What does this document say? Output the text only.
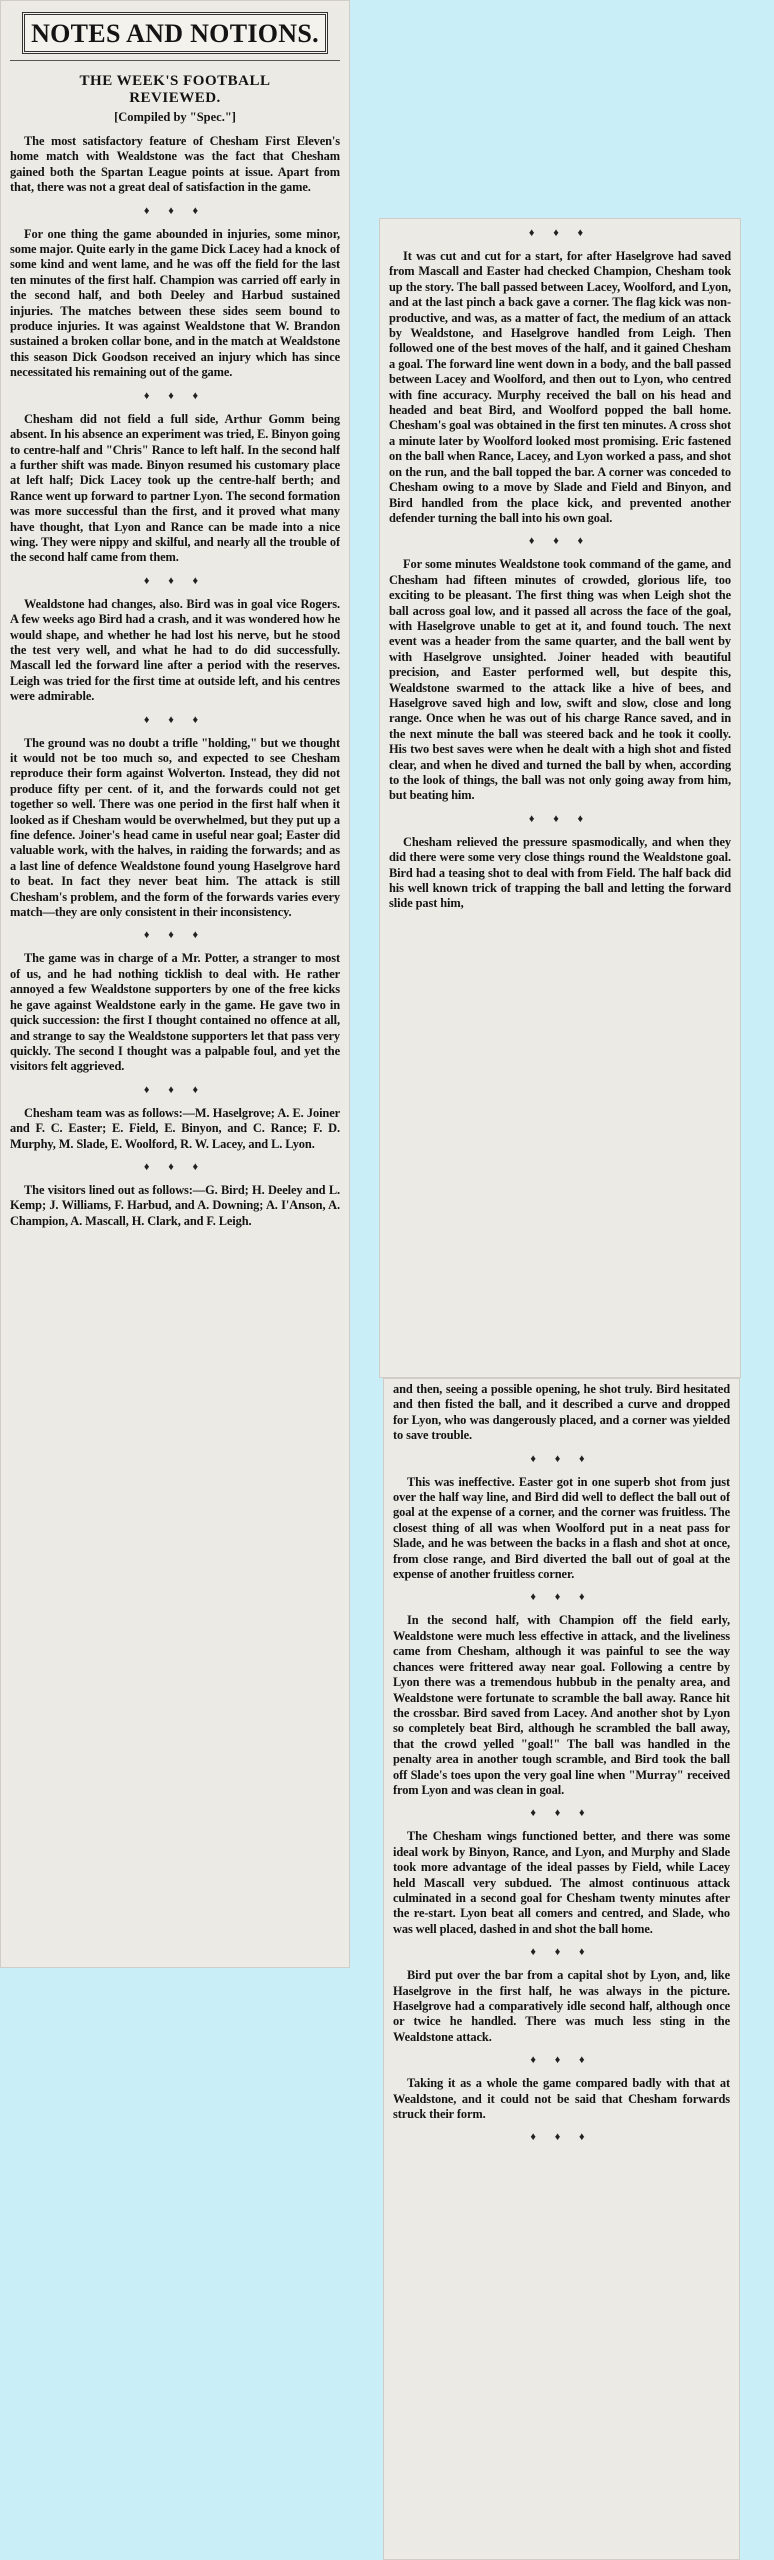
NOTES AND NOTIONS.
THE WEEK'S FOOTBALL
REVIEWED.
[Compiled by "Spec."]

The most satisfactory feature of Chesham First Eleven's home match with Wealdstone was the fact that Chesham gained both the Spartan League points at issue. Apart from that, there was not a great deal of satisfaction in the game.

♦ ♦ ♦

For one thing the game abounded in injuries, some minor, some major. Quite early in the game Dick Lacey had a knock of some kind and went lame, and he was off the field for the last ten minutes of the first half. Champion was carried off early in the second half, and both Deeley and Harbud sustained injuries. The matches between these sides seem bound to produce injuries. It was against Wealdstone that W. Brandon sustained a broken collar bone, and in the match at Wealdstone this season Dick Goodson received an injury which has since necessitated his remaining out of the game.

♦ ♦ ♦

Chesham did not field a full side, Arthur Gomm being absent. In his absence an experiment was tried, E. Binyon going to centre-half and "Chris" Rance to left half. In the second half a further shift was made. Binyon resumed his customary place at left half; Dick Lacey took up the centre-half berth; and Rance went up forward to partner Lyon. The second formation was more successful than the first, and it proved what many have thought, that Lyon and Rance can be made into a nice wing. They were nippy and skilful, and nearly all the trouble of the second half came from them.

♦ ♦ ♦

Wealdstone had changes, also. Bird was in goal vice Rogers. A few weeks ago Bird had a crash, and it was wondered how he would shape, and whether he had lost his nerve, but he stood the test very well, and what he had to do did successfully. Mascall led the forward line after a period with the reserves. Leigh was tried for the first time at outside left, and his centres were admirable.

♦ ♦ ♦

The ground was no doubt a trifle "holding," but we thought it would not be too much so, and expected to see Chesham reproduce their form against Wolverton. Instead, they did not produce fifty per cent. of it, and the forwards could not get together so well. There was one period in the first half when it looked as if Chesham would be overwhelmed, but they put up a fine defence. Joiner's head came in useful near goal; Easter did valuable work, with the halves, in raiding the forwards; and as a last line of defence Wealdstone found young Haselgrove hard to beat. In fact they never beat him. The attack is still Chesham's problem, and the form of the forwards varies every match—they are only consistent in their inconsistency.

♦ ♦ ♦

The game was in charge of a Mr. Potter, a stranger to most of us, and he had nothing ticklish to deal with. He rather annoyed a few Wealdstone supporters by one of the free kicks he gave against Wealdstone early in the game. He gave two in quick succession: the first I thought contained no offence at all, and strange to say the Wealdstone supporters let that pass very quickly. The second I thought was a palpable foul, and yet the visitors felt aggrieved.

♦ ♦ ♦

Chesham team was as follows:—M. Haselgrove; A. E. Joiner and F. C. Easter; E. Field, E. Binyon, and C. Rance; F. D. Murphy, M. Slade, E. Woolford, R. W. Lacey, and L. Lyon.

♦ ♦ ♦

The visitors lined out as follows:—G. Bird; H. Deeley and L. Kemp; J. Williams, F. Harbud, and A. Downing; A. I'Anson, A. Champion, A. Mascall, H. Clark, and F. Leigh.

♦ ♦ ♦

It was cut and cut for a start, for after Haselgrove had saved from Mascall and Easter had checked Champion, Chesham took up the story. The ball passed between Lacey, Woolford, and Lyon, and at the last pinch a back gave a corner. The flag kick was non-productive, and was, as a matter of fact, the medium of an attack by Wealdstone, and Haselgrove handled from Leigh. Then followed one of the best moves of the half, and it gained Chesham a goal. The forward line went down in a body, and the ball passed between Lacey and Woolford, and then out to Lyon, who centred with fine accuracy. Murphy received the ball on his head and headed and beat Bird, and Woolford popped the ball home. Chesham's goal was obtained in the first ten minutes. A cross shot a minute later by Woolford looked most promising. Eric fastened on the ball when Rance, Lacey, and Lyon worked a pass, and shot on the run, and the ball topped the bar. A corner was conceded to Chesham owing to a move by Slade and Field and Binyon, and Bird handled from the place kick, and prevented another defender turning the ball into his own goal.

♦ ♦ ♦

For some minutes Wealdstone took command of the game, and Chesham had fifteen minutes of crowded, glorious life, too exciting to be pleasant. The first thing was when Leigh shot the ball across goal low, and it passed all across the face of the goal, with Haselgrove unable to get at it, and found touch. The next event was a header from the same quarter, and the ball went by with Haselgrove unsighted. Joiner headed with beautiful precision, and Easter performed well, but despite this, Wealdstone swarmed to the attack like a hive of bees, and Haselgrove saved high and low, swift and slow, close and long range. Once when he was out of his charge Rance saved, and in the next minute the ball was steered back and he took it coolly. His two best saves were when he dealt with a high shot and fisted clear, and when he dived and turned the ball by when, according to the look of things, the ball was not only going away from him, but beating him.

♦ ♦ ♦

Chesham relieved the pressure spasmodically, and when they did there were some very close things round the Wealdstone goal. Bird had a teasing shot to deal with from Field. The half back did his well known trick of trapping the ball and letting the forward slide past him,

and then, seeing a possible opening, he shot truly. Bird hesitated and then fisted the ball, and it described a curve and dropped for Lyon, who was dangerously placed, and a corner was yielded to save trouble.

♦ ♦ ♦

This was ineffective. Easter got in one superb shot from just over the half way line, and Bird did well to deflect the ball out of goal at the expense of a corner, and the corner was fruitless. The closest thing of all was when Woolford put in a neat pass for Slade, and he was between the backs in a flash and shot at once, from close range, and Bird diverted the ball out of goal at the expense of another fruitless corner.

♦ ♦ ♦

In the second half, with Champion off the field early, Wealdstone were much less effective in attack, and the liveliness came from Chesham, although it was painful to see the way chances were frittered away near goal. Following a centre by Lyon there was a tremendous hubbub in the penalty area, and Wealdstone were fortunate to scramble the ball away. Rance hit the crossbar. Bird saved from Lacey. And another shot by Lyon so completely beat Bird, although he scrambled the ball away, that the crowd yelled "goal!" The ball was handled in the penalty area in another tough scramble, and Bird took the ball off Slade's toes upon the very goal line when "Murray" received from Lyon and was clean in goal.

♦ ♦ ♦

The Chesham wings functioned better, and there was some ideal work by Binyon, Rance, and Lyon, and Murphy and Slade took more advantage of the ideal passes by Field, while Lacey held Mascall very subdued. The almost continuous attack culminated in a second goal for Chesham twenty minutes after the re-start. Lyon beat all comers and centred, and Slade, who was well placed, dashed in and shot the ball home.

♦ ♦ ♦

Bird put over the bar from a capital shot by Lyon, and, like Haselgrove in the first half, he was always in the picture. Haselgrove had a comparatively idle second half, although once or twice he handled. There was much less sting in the Wealdstone attack.

♦ ♦ ♦

Taking it as a whole the game compared badly with that at Wealdstone, and it could not be said that Chesham forwards struck their form.

♦ ♦ ♦
